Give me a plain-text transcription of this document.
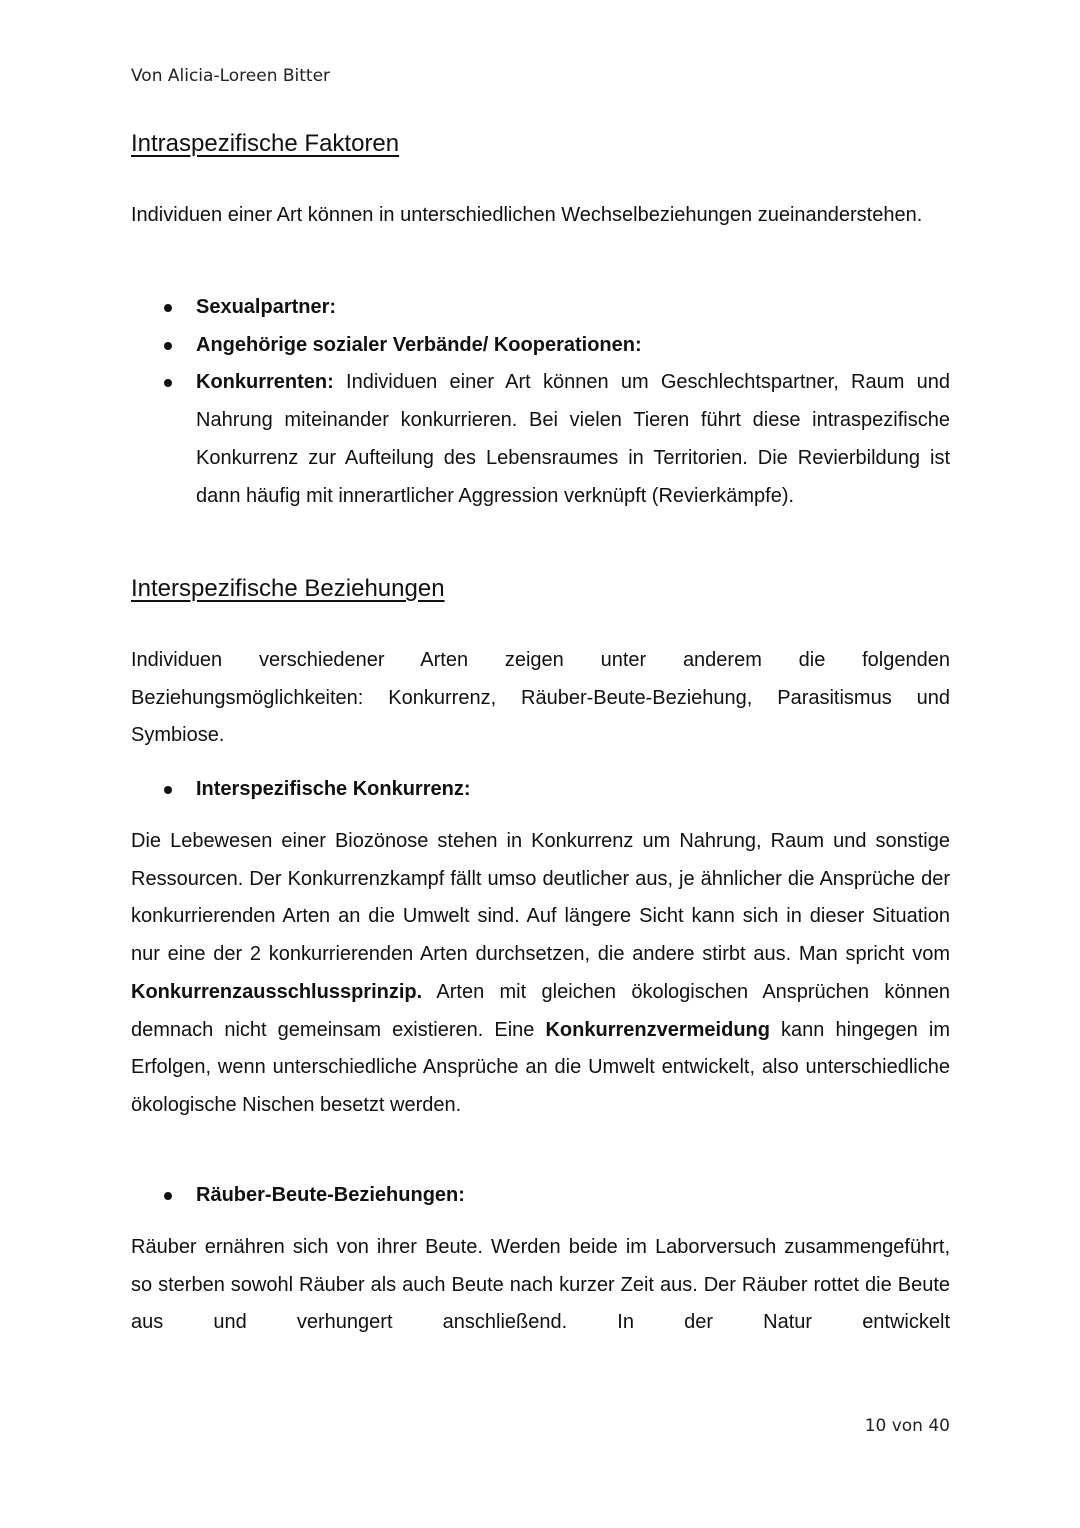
Von Alicia-Loreen Bitter
Intraspezifische Faktoren

Individuen einer Art können in unterschiedlichen Wechselbeziehungen zueinanderstehen.

Sexualpartner:
Angehörige sozialer Verbände/ Kooperationen:
Konkurrenten: Individuen einer Art können um Geschlechtspartner, Raum und Nahrung miteinander konkurrieren. Bei vielen Tieren führt diese intraspezifische Konkurrenz zur Aufteilung des Lebensraumes in Territorien. Die Revierbildung ist dann häufig mit innerartlicher Aggression verknüpft (Revierkämpfe).
Interspezifische Beziehungen

Individuen verschiedener Arten zeigen unter anderem die folgenden Beziehungsmöglichkeiten: Konkurrenz, Räuber-Beute-Beziehung, Parasitismus und Symbiose.

Interspezifische Konkurrenz:

Die Lebewesen einer Biozönose stehen in Konkurrenz um Nahrung, Raum und sonstige Ressourcen. Der Konkurrenzkampf fällt umso deutlicher aus, je ähnlicher die Ansprüche der konkurrierenden Arten an die Umwelt sind. Auf längere Sicht kann sich in dieser Situation nur eine der 2 konkurrierenden Arten durchsetzen, die andere stirbt aus. Man spricht vom Konkurrenzausschlussprinzip. Arten mit gleichen ökologischen Ansprüchen können demnach nicht gemeinsam existieren. Eine Konkurrenzvermeidung kann hingegen im Erfolgen, wenn unterschiedliche Ansprüche an die Umwelt entwickelt, also unterschiedliche ökologische Nischen besetzt werden.

Räuber-Beute-Beziehungen:

Räuber ernähren sich von ihrer Beute. Werden beide im Laborversuch zusammengeführt, so sterben sowohl Räuber als auch Beute nach kurzer Zeit aus. Der Räuber rottet die Beute aus und verhungert anschließend. In der Natur entwickelt

10 von 40
